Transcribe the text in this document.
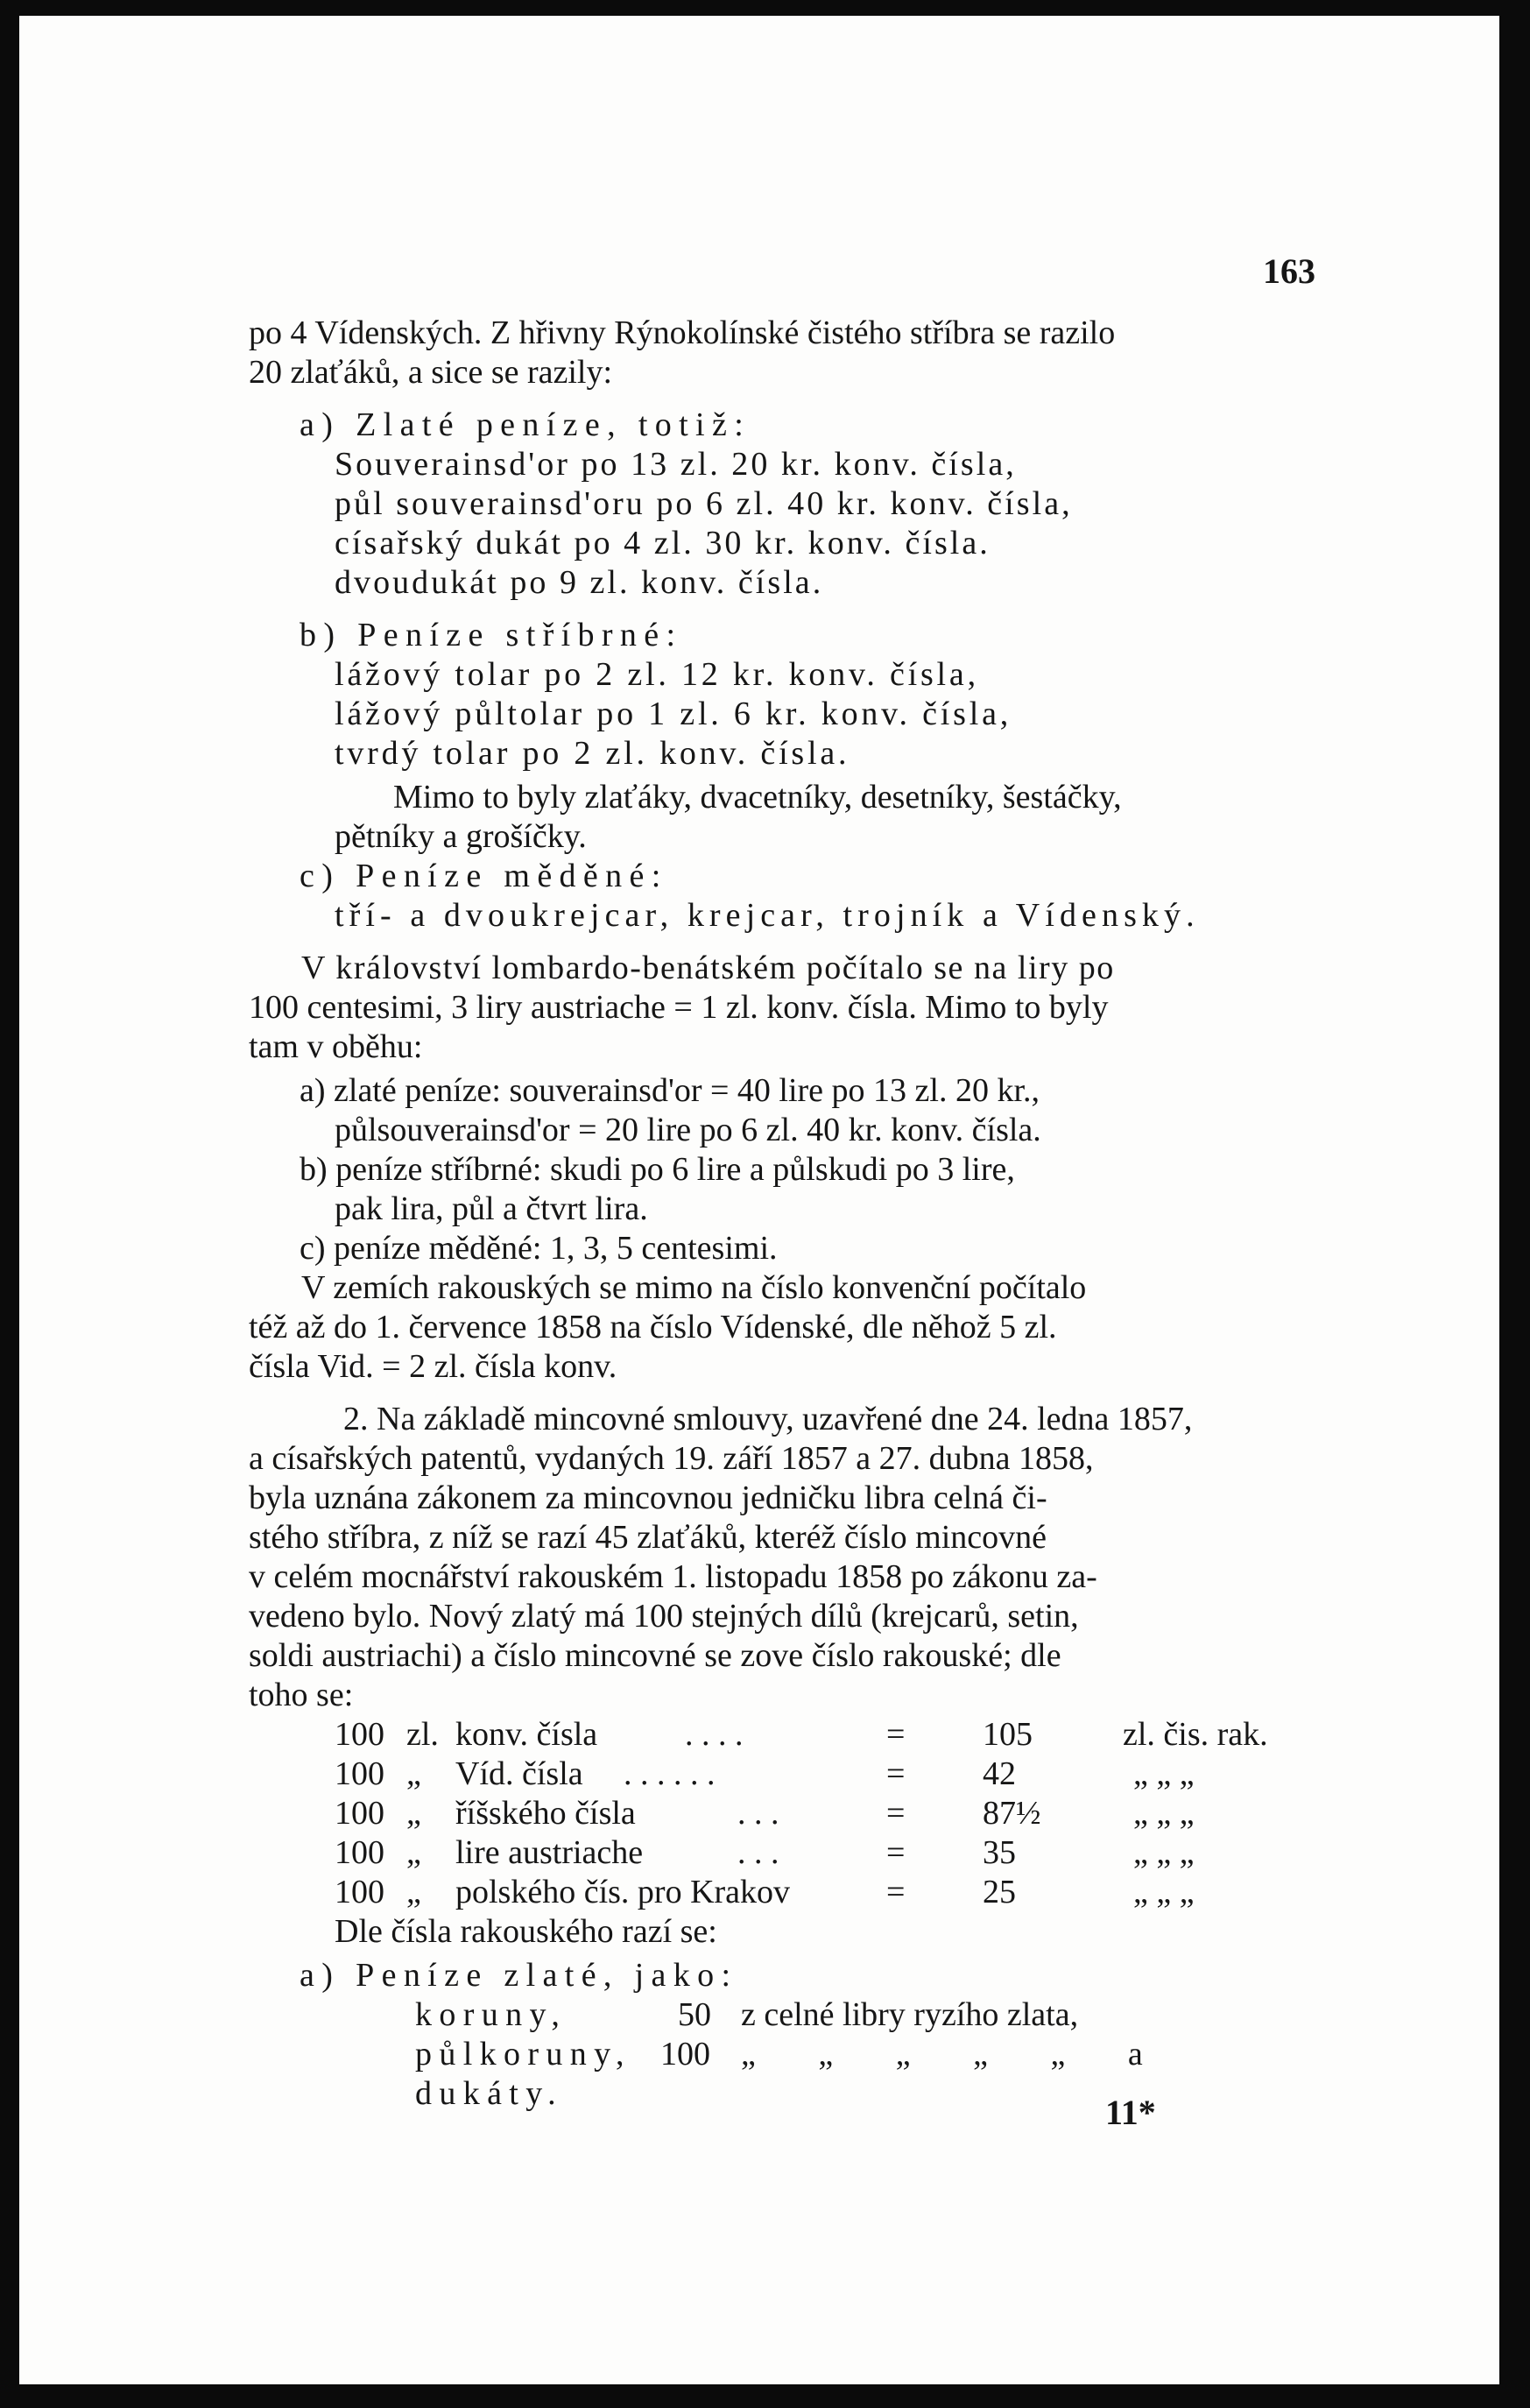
163
po 4 Vídenských. Z hřivny Rýnokolínské čistého stříbra se razilo
20 zlaťáků, a sice se razily:
a) Zlaté peníze, totiž:
Souverainsd'or po 13 zl. 20 kr. konv. čísla,
půl souverainsd'oru po 6 zl. 40 kr. konv. čísla,
císařský dukát po 4 zl. 30 kr. konv. čísla.
dvoudukát po 9 zl. konv. čísla.
b) Peníze stříbrné:
lážový tolar po 2 zl. 12 kr. konv. čísla,
lážový půltolar po 1 zl. 6 kr. konv. čísla,
tvrdý tolar po 2 zl. konv. čísla.
Mimo to byly zlaťáky, dvacetníky, desetníky, šestáčky,
pětníky a grošíčky.
c) Peníze měděné:
tří- a dvoukrejcar, krejcar, trojník a Vídenský.
V království lombardo-benátském počítalo se na liry po
100 centesimi, 3 liry austriache = 1 zl. konv. čísla. Mimo to byly
tam v oběhu:
a) zlaté peníze: souverainsd'or = 40 lire po 13 zl. 20 kr.,
půlsouverainsd'or = 20 lire po 6 zl. 40 kr. konv. čísla.
b) peníze stříbrné: skudi po 6 lire a půlskudi po 3 lire,
pak lira, půl a čtvrt lira.
c) peníze měděné: 1, 3, 5 centesimi.
V zemích rakouských se mimo na číslo konvenční počítalo
též až do 1. července 1858 na číslo Vídenské, dle něhož 5 zl.
čísla Vid. = 2 zl. čísla konv.
2. Na základě mincovné smlouvy, uzavřené dne 24. ledna 1857,
a císařských patentů, vydaných 19. září 1857 a 27. dubna 1858,
byla uznána zákonem za mincovnou jedničku libra celná či-
stého stříbra, z níž se razí 45 zlaťáků, kteréž číslo mincovné
v celém mocnářství rakouském 1. listopadu 1858 po zákonu za-
vedeno bylo. Nový zlatý má 100 stejných dílů (krejcarů, setin,
soldi austriachi) a číslo mincovné se zove číslo rakouské; dle
toho se:
100 zl. konv. čísla	. . . .	= 105	zl. čis. rak.
100 „ Víd. čísla . . . . . .	= 42	„ „ „
100 „ říšského čísla	. . .	= 87½	„ „ „
100 „ lire austriache	. . .	= 35	„ „ „
100 „ polského čís. pro Krakov	= 25	„ „ „
Dle čísla rakouského razí se:
a) Peníze zlaté, jako:
koruny,	50 z celné libry ryzího zlata,
půlkoruny, 100 „ „ „ „ „ a
dukáty.	11*
